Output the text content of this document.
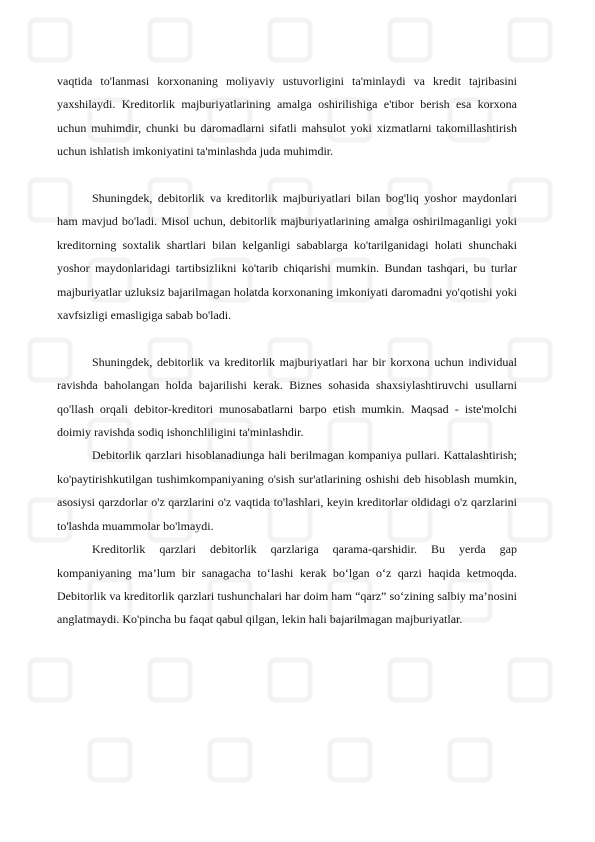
vaqtida to'lanmasi korxonaning moliyaviy ustuvorligini ta'minlaydi va kredit tajribasini yaxshilaydi. Kreditorlik majburiyatlarining amalga oshirilishiga e'tibor berish esa korxona uchun muhimdir, chunki bu daromadlarni sifatli mahsulot yoki xizmatlarni takomillashtirish uchun ishlatish imkoniyatini ta'minlashda juda muhimdir.

Shuningdek, debitorlik va kreditorlik majburiyatlari bilan bog'liq yoshor maydonlari ham mavjud bo'ladi. Misol uchun, debitorlik majburiyatlarining amalga oshirilmaganligi yoki kreditorning soxtalik shartlari bilan kelganligi sabablarga ko'tarilganidagi holati shunchaki yoshor maydonlaridagi tartibsizlikni ko'tarib chiqarishi mumkin. Bundan tashqari, bu turlar majburiyatlar uzluksiz bajarilmagan holatda korxonaning imkoniyati daromadni yo'qotishi yoki xavfsizligi emasligiga sabab bo'ladi.

Shuningdek, debitorlik va kreditorlik majburiyatlari har bir korxona uchun individual ravishda baholangan holda bajarilishi kerak. Biznes sohasida shaxsiylashtiruvchi usullarni qo'llash orqali debitor-kreditori munosabatlarni barpo etish mumkin. Maqsad - iste'molchi doimiy ravishda sodiq ishonchliligini ta'minlashdir.

Debitorlik qarzlari hisoblanadiunga hali berilmagan kompaniya pullari. Kattalashtirish; ko'paytirishkutilgan tushimkompaniyaning o'sish sur'atlarining oshishi deb hisoblash mumkin, asosiysi qarzdorlar o'z qarzlarini o'z vaqtida to'lashlari, keyin kreditorlar oldidagi o'z qarzlarini to'lashda muammolar bo'lmaydi.

Kreditorlik qarzlari debitorlik qarzlariga qarama-qarshidir. Bu yerda gap kompaniyaning ma’lum bir sanagacha to‘lashi kerak bo‘lgan o‘z qarzi haqida ketmoqda. Debitorlik va kreditorlik qarzlari tushunchalari har doim ham “qarz” so‘zining salbiy ma’nosini anglatmaydi. Ko'pincha bu faqat qabul qilgan, lekin hali bajarilmagan majburiyatlar.
